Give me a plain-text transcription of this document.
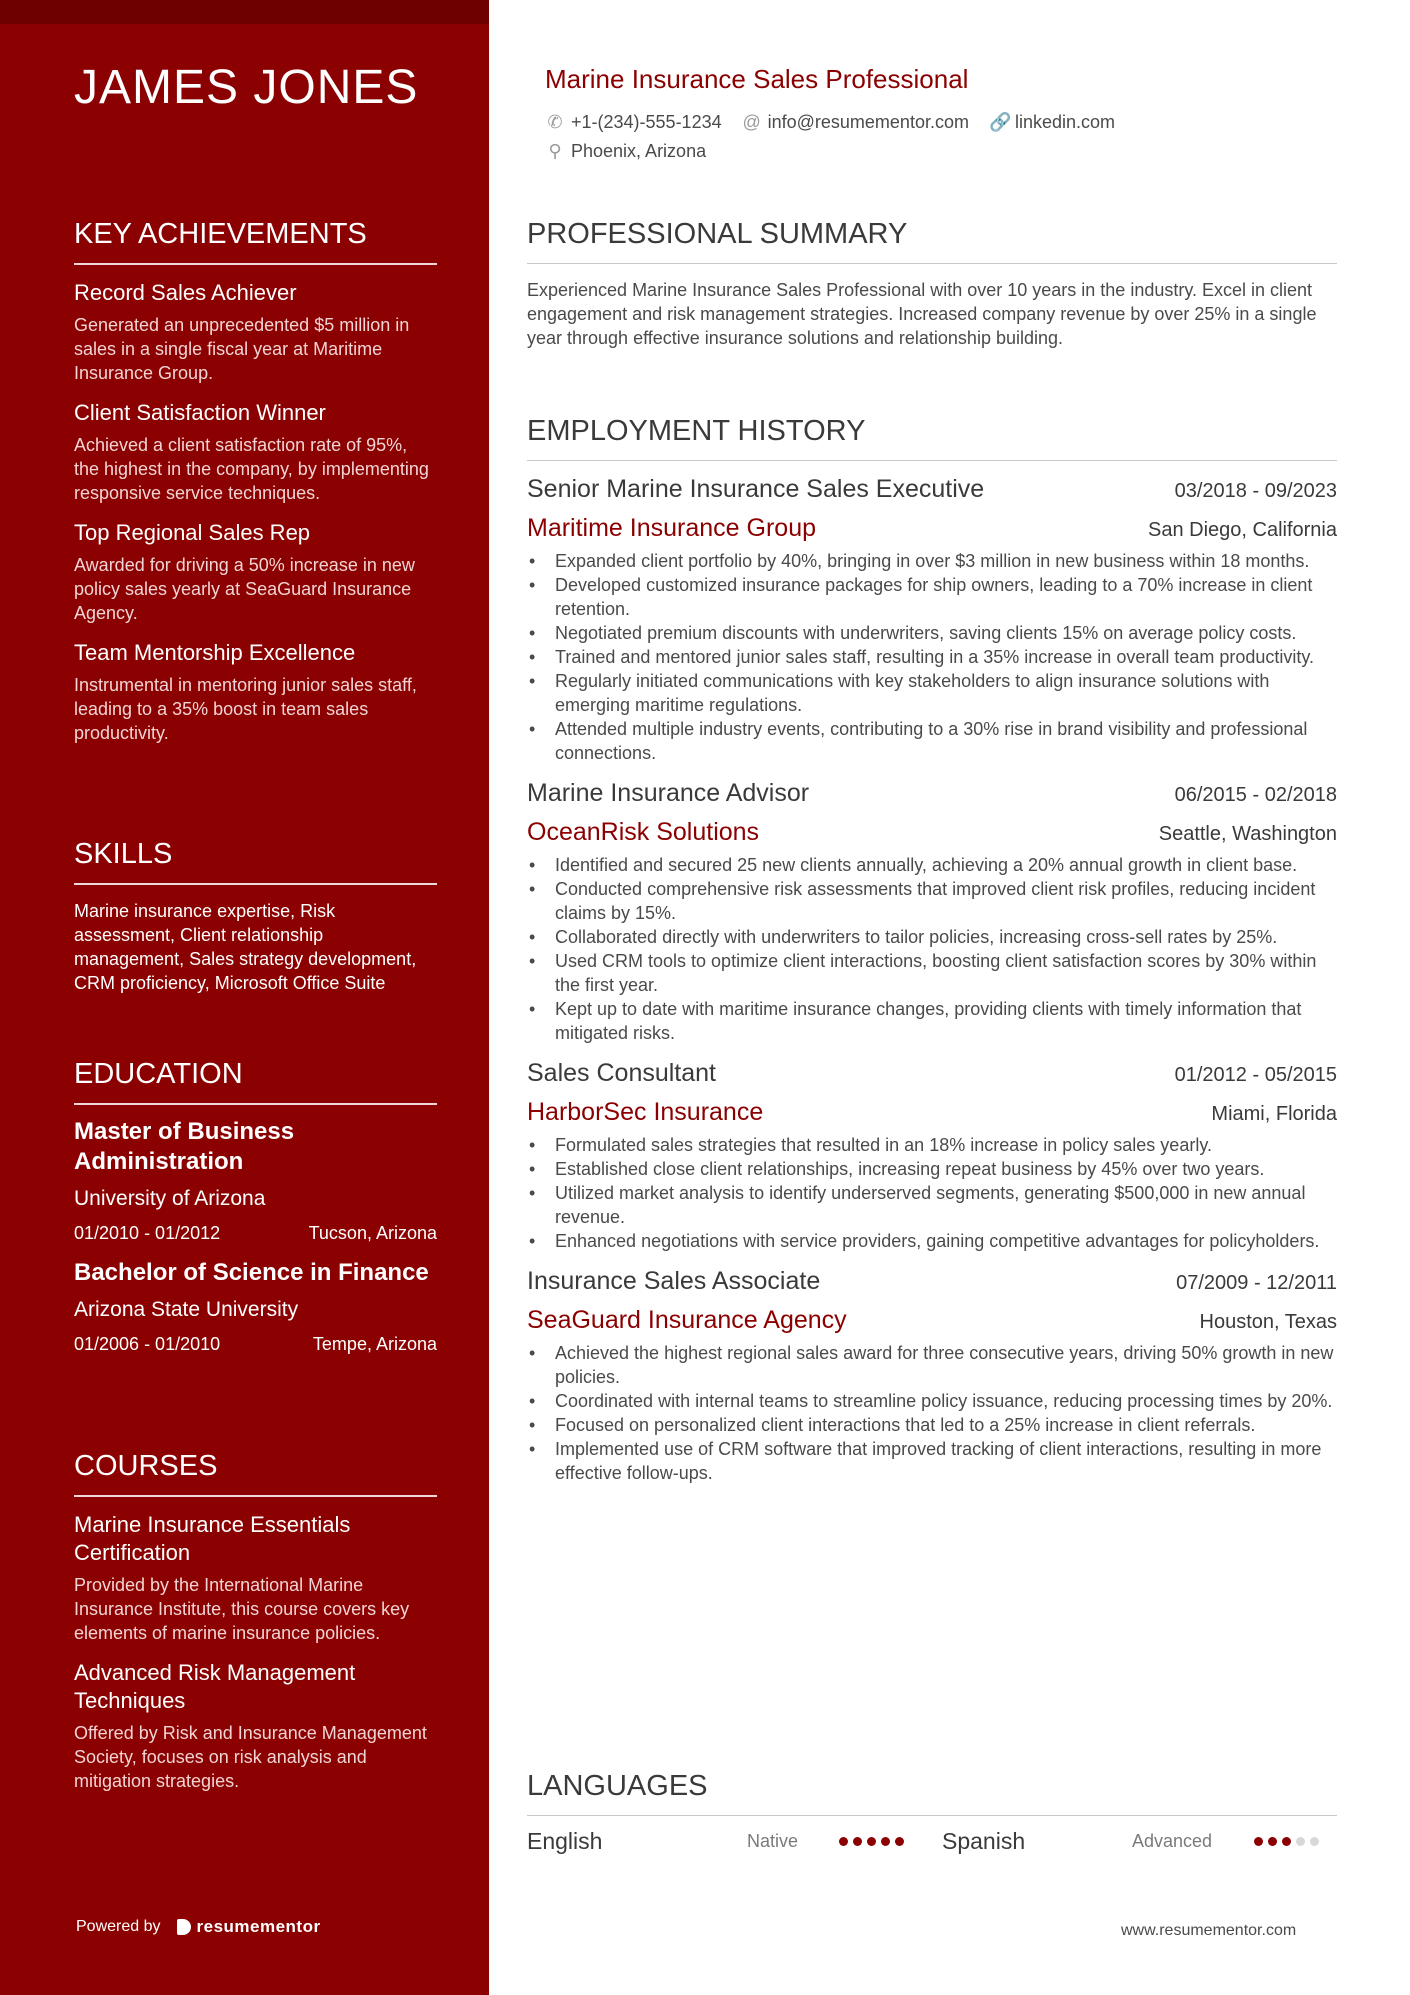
JAMES JONES
KEY ACHIEVEMENTS
Record Sales Achiever

Generated an unprecedented $5 million in sales in a single fiscal year at Maritime Insurance Group.

Client Satisfaction Winner

Achieved a client satisfaction rate of 95%, the highest in the company, by implementing responsive service techniques.

Top Regional Sales Rep

Awarded for driving a 50% increase in new policy sales yearly at SeaGuard Insurance Agency.

Team Mentorship Excellence

Instrumental in mentoring junior sales staff, leading to a 35% boost in team sales productivity.

SKILLS

Marine insurance expertise, Risk assessment, Client relationship management, Sales strategy development, CRM proficiency, Microsoft Office Suite

EDUCATION
Master of Business Administration
University of Arizona
01/2010 - 01/2012	Tucson, Arizona
Bachelor of Science in Finance
Arizona State University
01/2006 - 01/2010	Tempe, Arizona
COURSES
Marine Insurance Essentials Certification

Provided by the International Marine Insurance Institute, this course covers key elements of marine insurance policies.

Advanced Risk Management Techniques

Offered by Risk and Insurance Management Society, focuses on risk analysis and mitigation strategies.

Powered by resumementor
Marine Insurance Sales Professional
✆ +1-(234)-555-1234 @ info@resumementor.com 🔗 linkedin.com
⚲ Phoenix, Arizona
PROFESSIONAL SUMMARY

Experienced Marine Insurance Sales Professional with over 10 years in the industry. Excel in client engagement and risk management strategies. Increased company revenue by over 25% in a single year through effective insurance solutions and relationship building.

EMPLOYMENT HISTORY
Senior Marine Insurance Sales Executive	03/2018 - 09/2023
Maritime Insurance Group	San Diego, California
• Expanded client portfolio by 40%, bringing in over $3 million in new business within 18 months.
• Developed customized insurance packages for ship owners, leading to a 70% increase in client retention.
• Negotiated premium discounts with underwriters, saving clients 15% on average policy costs.
• Trained and mentored junior sales staff, resulting in a 35% increase in overall team productivity.
• Regularly initiated communications with key stakeholders to align insurance solutions with emerging maritime regulations.
• Attended multiple industry events, contributing to a 30% rise in brand visibility and professional connections.
Marine Insurance Advisor	06/2015 - 02/2018
OceanRisk Solutions	Seattle, Washington
• Identified and secured 25 new clients annually, achieving a 20% annual growth in client base.
• Conducted comprehensive risk assessments that improved client risk profiles, reducing incident claims by 15%.
• Collaborated directly with underwriters to tailor policies, increasing cross-sell rates by 25%.
• Used CRM tools to optimize client interactions, boosting client satisfaction scores by 30% within the first year.
• Kept up to date with maritime insurance changes, providing clients with timely information that mitigated risks.
Sales Consultant	01/2012 - 05/2015
HarborSec Insurance	Miami, Florida
• Formulated sales strategies that resulted in an 18% increase in policy sales yearly.
• Established close client relationships, increasing repeat business by 45% over two years.
• Utilized market analysis to identify underserved segments, generating $500,000 in new annual revenue.
• Enhanced negotiations with service providers, gaining competitive advantages for policyholders.
Insurance Sales Associate	07/2009 - 12/2011
SeaGuard Insurance Agency	Houston, Texas
• Achieved the highest regional sales award for three consecutive years, driving 50% growth in new policies.
• Coordinated with internal teams to streamline policy issuance, reducing processing times by 20%.
• Focused on personalized client interactions that led to a 25% increase in client referrals.
• Implemented use of CRM software that improved tracking of client interactions, resulting in more effective follow-ups.
LANGUAGES
English	Native	Spanish	Advanced
www.resumementor.com
